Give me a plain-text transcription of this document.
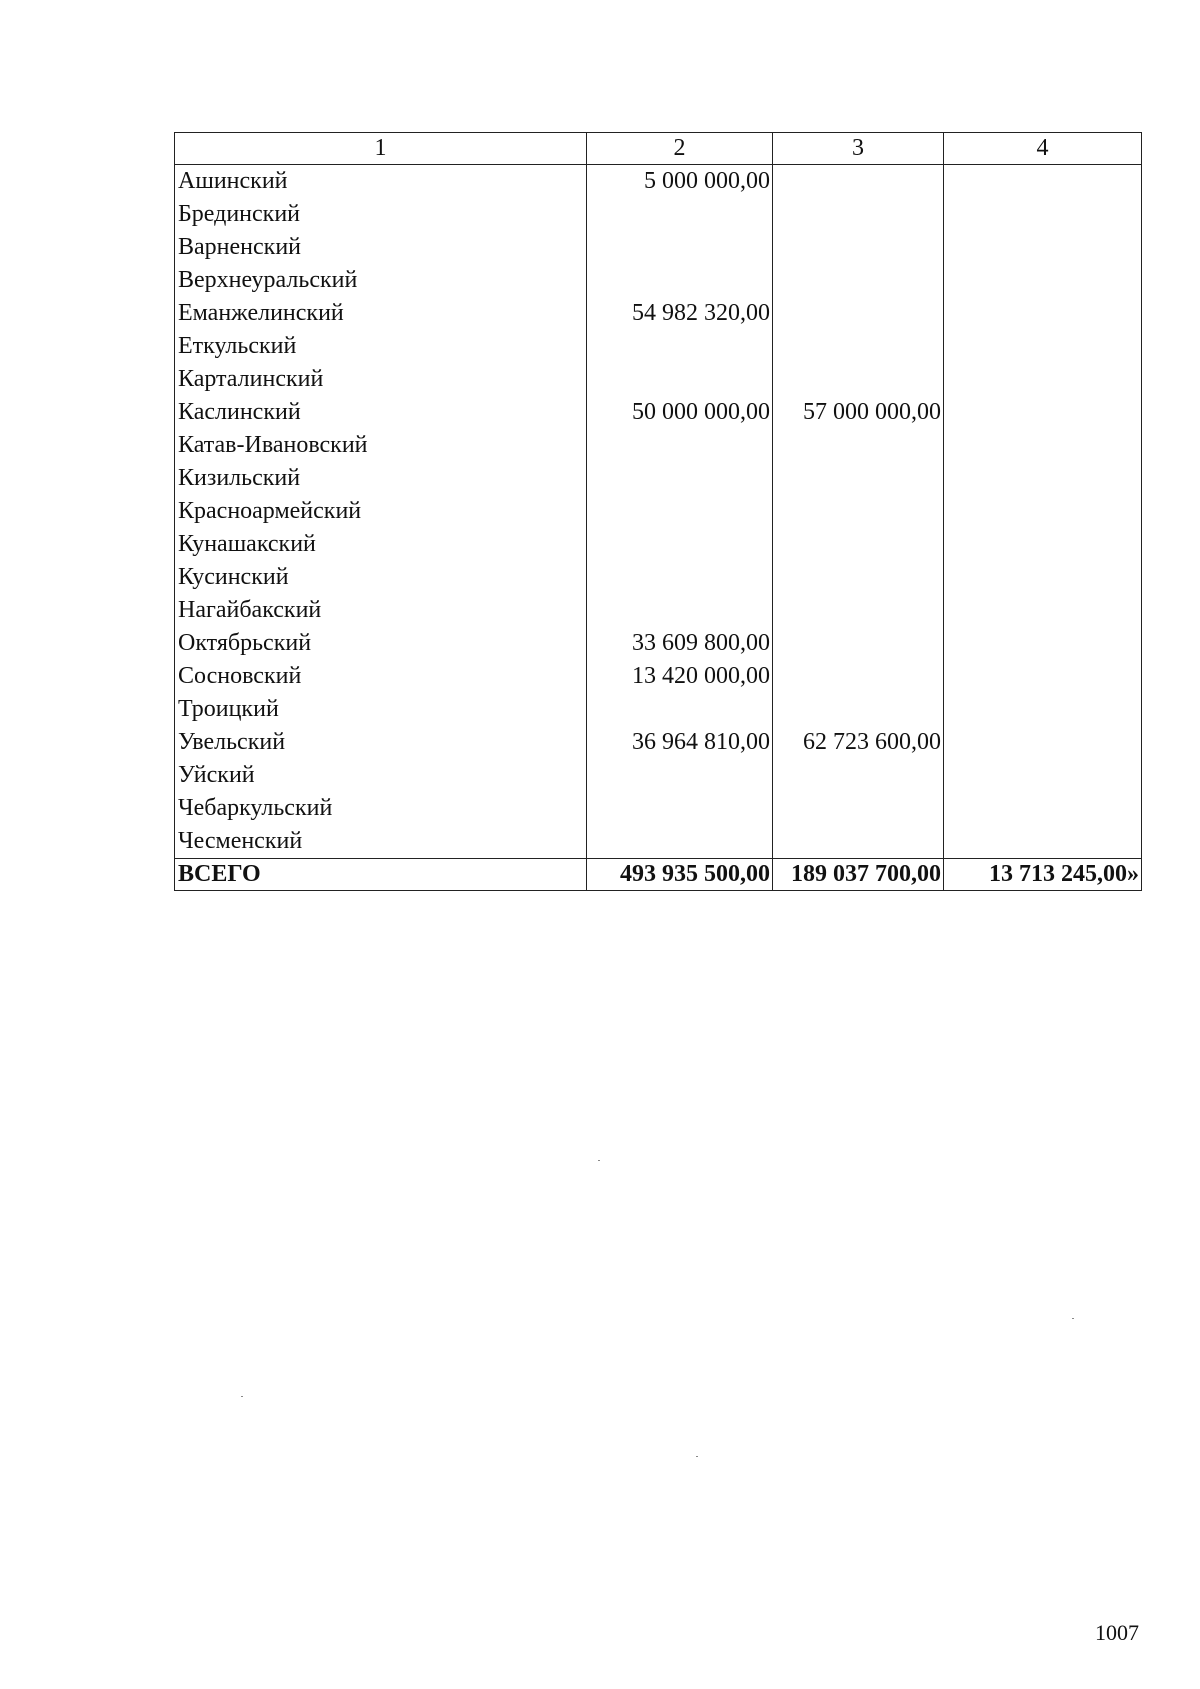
1	2	3	4
Ашинский	5 000 000,00		
Брединский			
Варненский			
Верхнеуральский			
Еманжелинский	54 982 320,00		
Еткульский			
Карталинский			
Каслинский	50 000 000,00	57 000 000,00	
Катав-Ивановский			
Кизильский			
Красноармейский			
Кунашакский			
Кусинский			
Нагайбакский			
Октябрьский	33 609 800,00		
Сосновский	13 420 000,00		
Троицкий			
Увельский	36 964 810,00	62 723 600,00	
Уйский			
Чебаркульский			
Чесменский			
ВСЕГО	493 935 500,00	189 037 700,00	13 713 245,00»
1007
